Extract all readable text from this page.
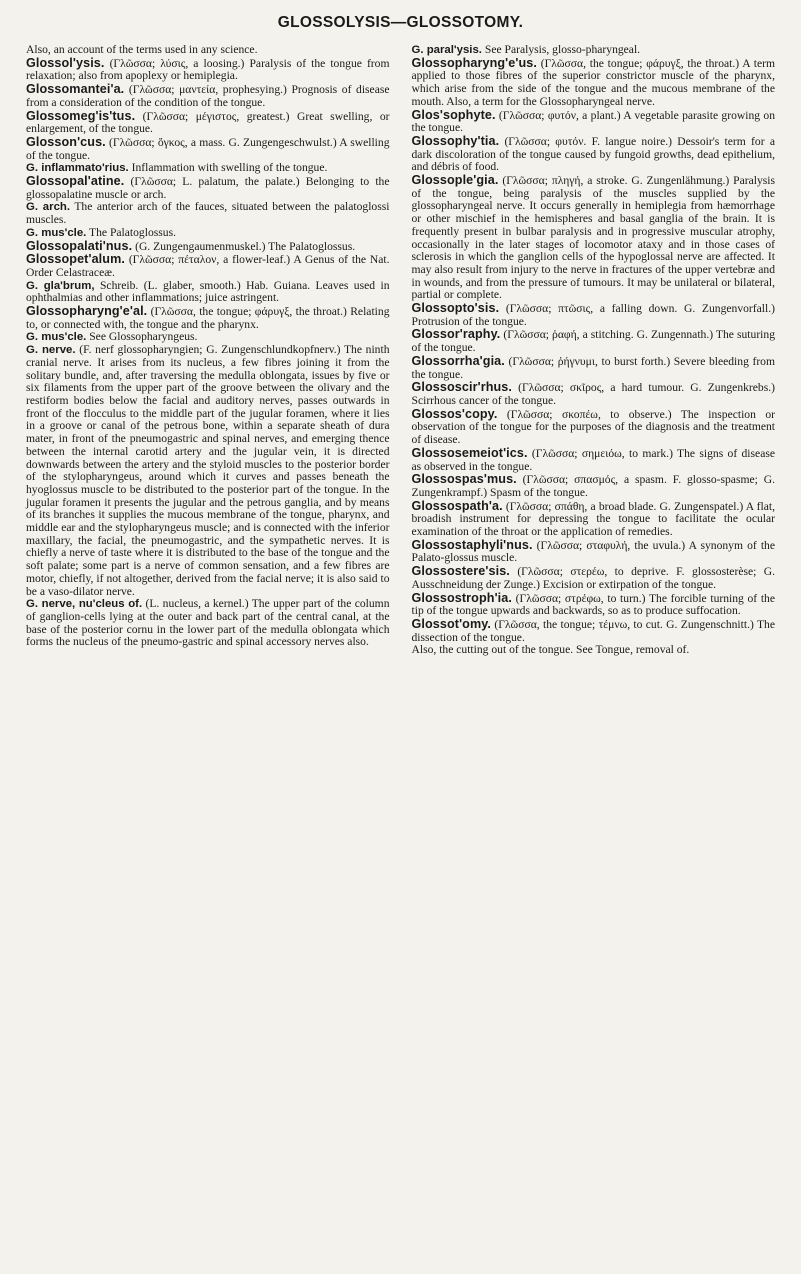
GLOSSOLYSIS—GLOSSOTOMY.

Also, an account of the terms used in any science.

Glossol'ysis. (Γλῶσσα; λύσις, a loosing.) Paralysis of the tongue from relaxation; also from apoplexy or hemiplegia.

Glossomantei'a. (Γλῶσσα; μαντεία, prophesying.) Prognosis of disease from a consideration of the condition of the tongue.

Glossomeg'is'tus. (Γλῶσσα; μέγιστος, greatest.) Great swelling, or enlargement, of the tongue.

Glosson'cus. (Γλῶσσα; ὄγκος, a mass. G. Zungengeschwulst.) A swelling of the tongue.

G. inflammato'rius. Inflammation with swelling of the tongue.

Glossopal'atine. (Γλῶσσα; L. palatum, the palate.) Belonging to the glossopalatine muscle or arch.

G. arch. The anterior arch of the fauces, situated between the palatoglossi muscles.

G. mus'cle. The Palatoglossus.

Glossopalati'nus. (G. Zungengaumenmuskel.) The Palatoglossus.

Glossopet'alum. (Γλῶσσα; πέταλον, a flower-leaf.) A Genus of the Nat. Order Celastraceæ.

G. gla'brum, Schreib. (L. glaber, smooth.) Hab. Guiana. Leaves used in ophthalmias and other inflammations; juice astringent.

Glossopharyng'e'al. (Γλῶσσα, the tongue; φάρυγξ, the throat.) Relating to, or connected with, the tongue and the pharynx.

G. mus'cle. See Glossopharyngeus.

G. nerve. (F. nerf glossopharyngien; G. Zungenschlundkopfnerv.) The ninth cranial nerve. It arises from its nucleus, a few fibres joining it from the solitary bundle, and, after traversing the medulla oblongata, issues by five or six filaments from the upper part of the groove between the olivary and the restiform bodies below the facial and auditory nerves, passes outwards in front of the flocculus to the middle part of the jugular foramen, where it lies in a groove or canal of the petrous bone, within a separate sheath of dura mater, in front of the pneumogastric and spinal nerves, and emerging thence between the internal carotid artery and the jugular vein, it is directed downwards between the artery and the styloid muscles to the posterior border of the stylopharyngeus, around which it curves and passes beneath the hyoglossus muscle to be distributed to the posterior part of the tongue. In the jugular foramen it presents the jugular and the petrous ganglia, and by means of its branches it supplies the mucous membrane of the tongue, pharynx, and middle ear and the stylopharyngeus muscle; and is connected with the inferior maxillary, the facial, the pneumogastric, and the sympathetic nerves. It is chiefly a nerve of taste where it is distributed to the base of the tongue and the soft palate; some part is a nerve of common sensation, and a few fibres are motor, chiefly, if not altogether, derived from the facial nerve; it is also said to be a vaso-dilator nerve.

G. nerve, nu'cleus of. (L. nucleus, a kernel.) The upper part of the column of ganglion-cells lying at the outer and back part of the central canal, at the base of the posterior cornu in the lower part of the medulla oblongata which forms the nucleus of the pneumo-gastric and spinal accessory nerves also.

G. paral'ysis. See Paralysis, glosso-pharyngeal.

Glossopharyng'e'us. (Γλῶσσα, the tongue; φάρυγξ, the throat.) A term applied to those fibres of the superior constrictor muscle of the pharynx, which arise from the side of the tongue and the mucous membrane of the mouth. Also, a term for the Glossopharyngeal nerve.

Glos'sophyte. (Γλῶσσα; φυτόν, a plant.) A vegetable parasite growing on the tongue.

Glossophy'tia. (Γλῶσσα; φυτόν. F. langue noire.) Dessoir's term for a dark discoloration of the tongue caused by fungoid growths, dead epithelium, and débris of food.

Glossople'gia. (Γλῶσσα; πληγή, a stroke. G. Zungenlähmung.) Paralysis of the tongue, being paralysis of the muscles supplied by the glossopharyngeal nerve. It occurs generally in hemiplegia from hæmorrhage or other mischief in the hemispheres and basal ganglia of the brain. It is frequently present in bulbar paralysis and in progressive muscular atrophy, occasionally in the later stages of locomotor ataxy and in those cases of sclerosis in which the ganglion cells of the hypoglossal nerve are affected. It may also result from injury to the nerve in fractures of the upper vertebræ and in wounds, and from the pressure of tumours. It may be unilateral or bilateral, partial or complete.

Glossopto'sis. (Γλῶσσα; πτῶσις, a falling down. G. Zungenvorfall.) Protrusion of the tongue.

Glossor'raphy. (Γλῶσσα; ῥαφή, a stitching. G. Zungennath.) The suturing of the tongue.

Glossorrha'gia. (Γλῶσσα; ῥήγνυμι, to burst forth.) Severe bleeding from the tongue.

Glossoscir'rhus. (Γλῶσσα; σκῖρος, a hard tumour. G. Zungenkrebs.) Scirrhous cancer of the tongue.

Glossos'copy. (Γλῶσσα; σκοπέω, to observe.) The inspection or observation of the tongue for the purposes of the diagnosis and the treatment of disease.

Glossosemeiot'ics. (Γλῶσσα; σημειόω, to mark.) The signs of disease as observed in the tongue.

Glossospas'mus. (Γλῶσσα; σπασμός, a spasm. F. glosso-spasme; G. Zungenkrampf.) Spasm of the tongue.

Glossospath'a. (Γλῶσσα; σπάθη, a broad blade. G. Zungenspatel.) A flat, broadish instrument for depressing the tongue to facilitate the ocular examination of the throat or the application of remedies.

Glossostaphyli'nus. (Γλῶσσα; σταφυλή, the uvula.) A synonym of the Palato-glossus muscle.

Glossostere'sis. (Γλῶσσα; στερέω, to deprive. F. glossosterèse; G. Ausschneidung der Zunge.) Excision or extirpation of the tongue.

Glossostroph'ia. (Γλῶσσα; στρέφω, to turn.) The forcible turning of the tip of the tongue upwards and backwards, so as to produce suffocation.

Glossot'omy. (Γλῶσσα, the tongue; τέμνω, to cut. G. Zungenschnitt.) The dissection of the tongue.

Also, the cutting out of the tongue. See Tongue, removal of.
